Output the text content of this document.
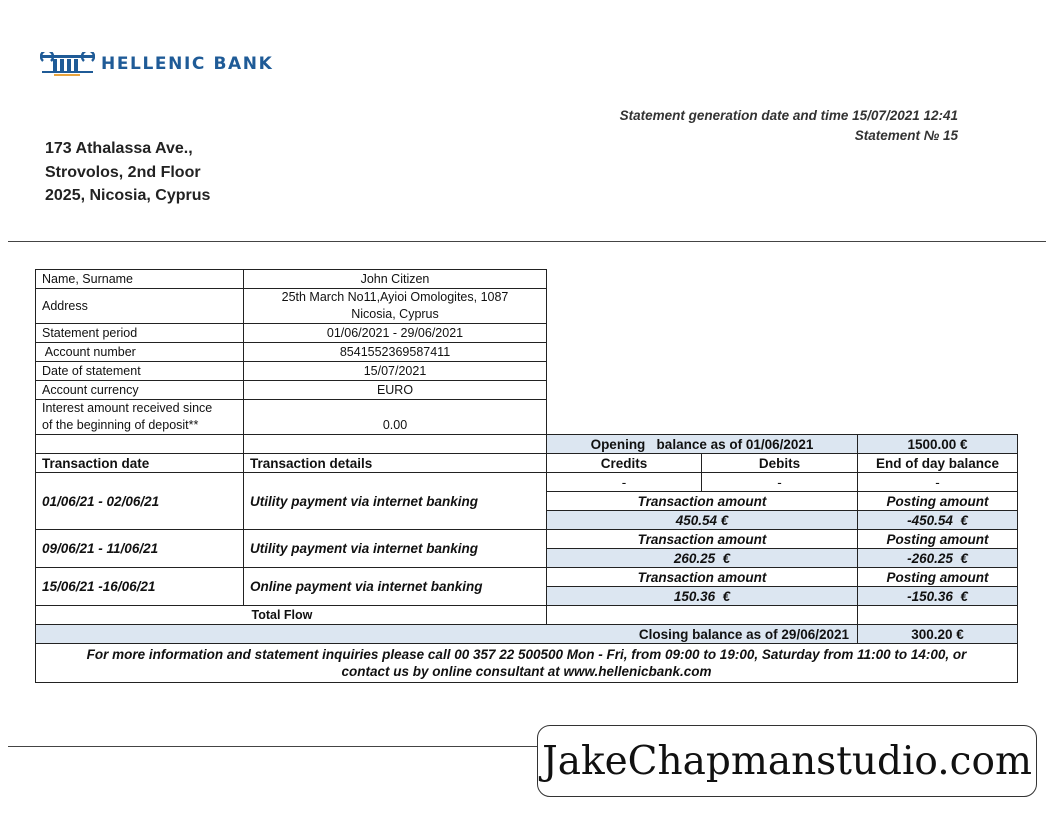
HELLENIC BANK
Statement generation date and time 15/07/2021 12:41
Statement № 15
173 Athalassa Ave.,
Strovolos, 2nd Floor
2025, Nicosia, Cyprus
Name, Surname	John Citizen			
Address	25th March No11,Ayioi Omologites, 1087
Nicosia, Cyprus			

Statement period	01/06/2021 - 29/06/2021			
Account number	8541552369587411			
Date of statement	15/07/2021			
Account currency	EURO			

Interest amount received since
of the beginning of deposit**	0.00			
		Opening   balance as of 01/06/2021		1500.00 €
Transaction date	Transaction details	Credits	Debits	End of day balance
01/06/21 - 02/06/21	Utility payment via internet banking	-	-	-
		Transaction amount		Posting amount
		450.54 €		-450.54  €
09/06/21 - 11/06/21	Utility payment via internet banking	Transaction amount		Posting amount
		260.25  €		-260.25  €
15/06/21 -16/06/21	Online payment via internet banking	Transaction amount		Posting amount
		150.36  €		-150.36  €
	Total Flow			
Closing balance as of 29/06/2021				300.20 €

For more information and statement inquiries please call 00 357 22 500500 Mon - Fri, from 09:00 to 19:00, Saturday from 11:00 to 14:00, or
contact us by online consultant at www.hellenicbank.com				
JakeChapmanstudio.com
